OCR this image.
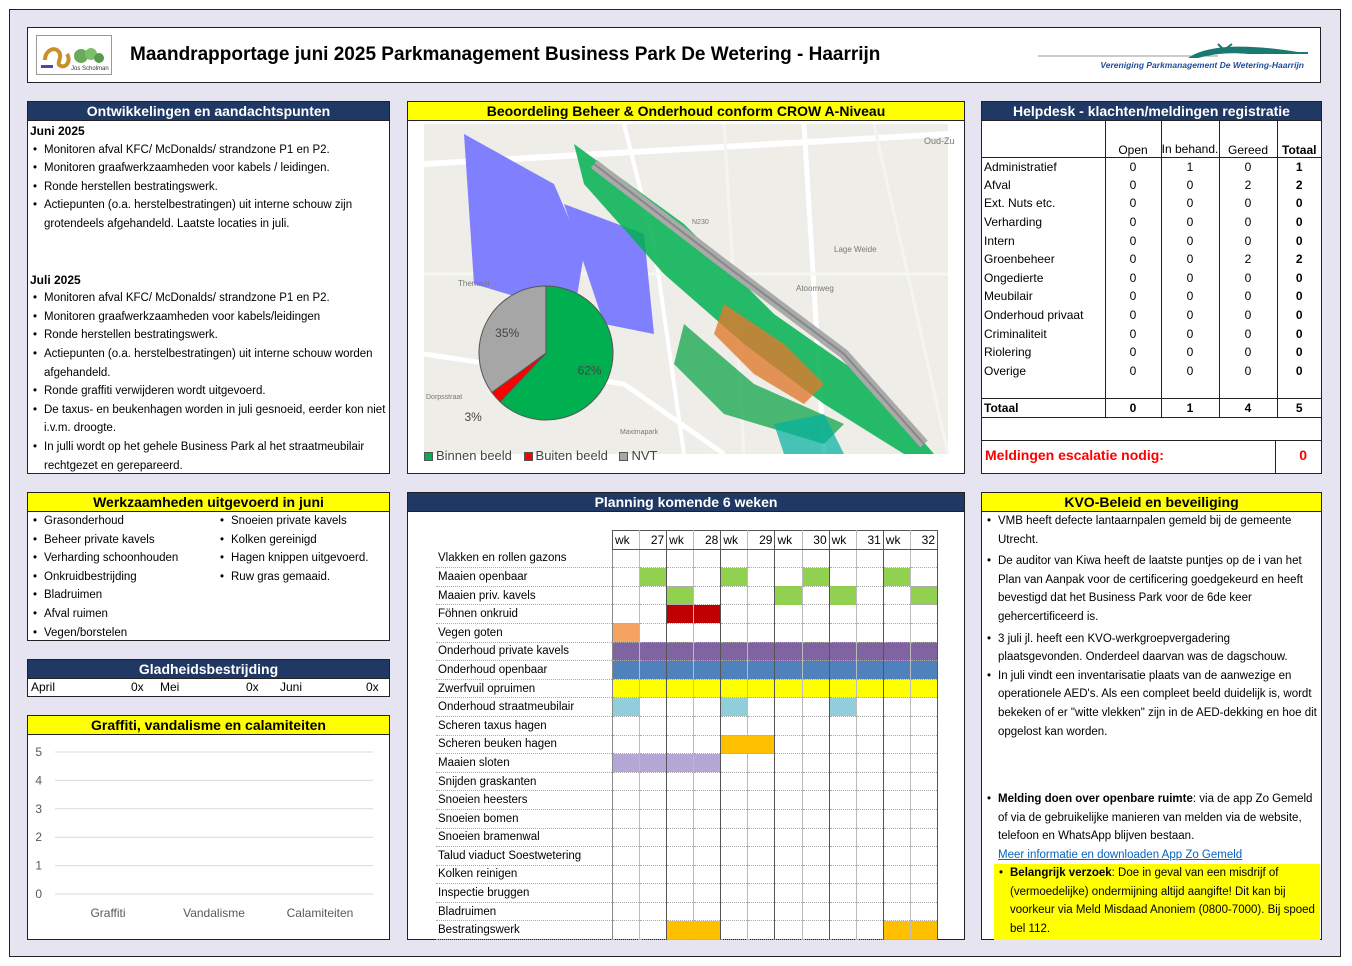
Jos Scholman
Maandrapportage juni 2025 Parkmanagement Business Park De Wetering - Haarrijn	Vereniging Parkmanagement De Wetering-Haarrijn
Ontwikkelingen en aandachtspunten
Juni 2025
• Monitoren afval KFC/ McDonalds/ strandzone P1 en P2.
• Monitoren graafwerkzaamheden voor kabels / leidingen.
• Ronde herstellen bestratingswerk.
• Actiepunten (o.a. herstelbestratingen) uit interne schouw zijn grotendeels afgehandeld. Laatste locaties in juli.
Juli 2025
• Monitoren afval KFC/ McDonalds/ strandzone P1 en P2.
• Monitoren graafwerkzaamheden voor kabels/leidingen
• Ronde herstellen bestratingswerk.
• Actiepunten (o.a. herstelbestratingen) uit interne schouw worden afgehandeld.
• Ronde graffiti verwijderen wordt uitgevoerd.
• De taxus- en beukenhagen worden in juli gesnoeid, eerder kon niet i.v.m. droogte.
• In julli wordt op het gehele Business Park al het straatmeubilair rechtgezet en gerepareerd.
Beoordeling Beheer & Onderhoud conform CROW A-Niveau
Oud-Zu
Lage Weide
Atoomweg
Themaat
Dorpsstraat
Maximapark
N230
62%
3%
35%
Binnen beeld Buiten beeld NVT
Helpdesk - klachten/meldingen registratie
	Open	In behand.	Gereed	Totaal
Administratief	0	1	0	1
Afval	0	0	2	2
Ext. Nuts etc.	0	0	0	0
Verharding	0	0	0	0
Intern	0	0	0	0
Groenbeheer	0	0	2	2
Ongedierte	0	0	0	0
Meubilair	0	0	0	0
Onderhoud privaat	0	0	0	0
Criminaliteit	0	0	0	0
Riolering	0	0	0	0
Overige	0	0	0	0

Totaal	0	1	4	5
Meldingen escalatie nodig:	0
Werkzaamheden uitgevoerd in juni
• Grasonderhoud
• Beheer private kavels
• Verharding schoonhouden
• Onkruidbestrijding
• Bladruimen
• Afval ruimen
• Vegen/borstelen
• Snoeien private kavels
• Kolken gereinigd
• Hagen knippen uitgevoerd.
• Ruw gras gemaaid.
Gladheidsbestrijding
April	0x Mei	0x Juni	0x
Graffiti, vandalisme en calamiteiten
5
4
3
2
1
0
Graffiti	Vandalisme	Calamiteiten
Planning komende 6 weken
	wk	27	wk	28	wk	29	wk	30	wk	31	wk	32
Vlakken en rollen gazons												
Maaien openbaar												
Maaien priv. kavels												
Föhnen onkruid												
Vegen goten												
Onderhoud private kavels												
Onderhoud openbaar												
Zwerfvuil opruimen												
Onderhoud straatmeubilair												
Scheren taxus hagen												
Scheren beuken hagen												
Maaien sloten												
Snijden graskanten												
Snoeien heesters												
Snoeien bomen												
Snoeien bramenwal												
Talud viaduct Soestwetering												
Kolken reinigen												
Inspectie bruggen												
Bladruimen												
Bestratingswerk												
KVO-Beleid en beveiliging
• VMB heeft defecte lantaarnpalen gemeld bij de gemeente Utrecht.
• De auditor van Kiwa heeft de laatste puntjes op de i van het Plan van Aanpak voor de certificering goedgekeurd en heeft bevestigd dat het Business Park voor de 6de keer gehercertificeerd is.
• 3 juli jl. heeft een KVO-werkgroepvergadering plaatsgevonden. Onderdeel daarvan was de dagschouw.
• In juli vindt een inventarisatie plaats van de aanwezige en operationele AED's. Als een compleet beeld duidelijk is, wordt bekeken of er "witte vlekken" zijn in de AED-dekking en hoe dit opgelost kan worden.
• Melding doen over openbare ruimte: via de app Zo Gemeld of via de gebruikelijke manieren van melden via de website, telefoon en WhatsApp blijven bestaan.
Meer informatie en downloaden App Zo Gemeld
• Belangrijk verzoek: Doe in geval van een misdrijf of (vermoedelijke) ondermijning altijd aangifte! Dit kan bij voorkeur via Meld Misdaad Anoniem (0800-7000). Bij spoed bel 112.
